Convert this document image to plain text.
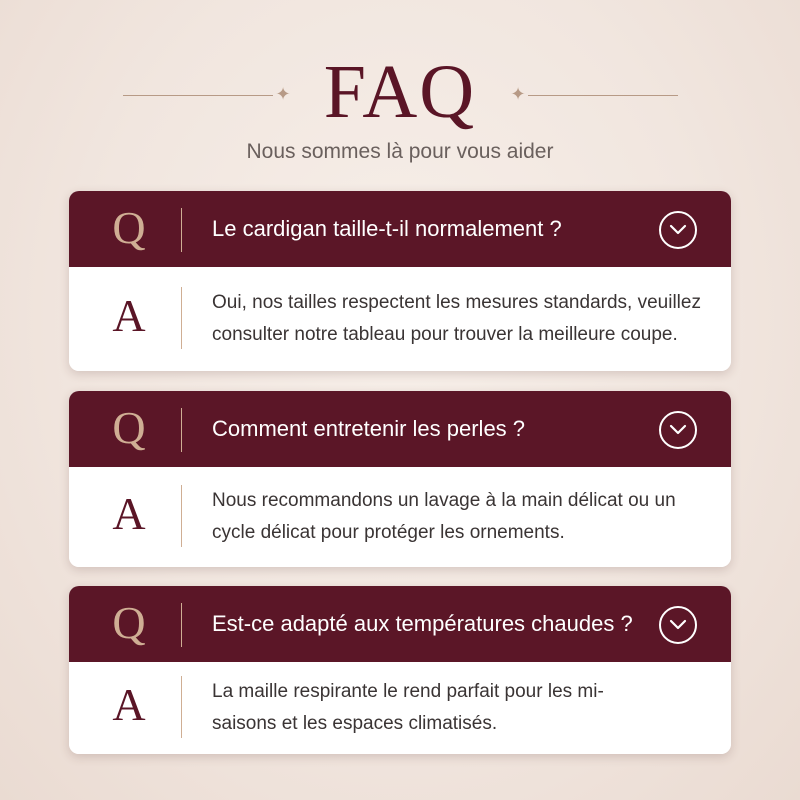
✦ FAQ	✦
Nous sommes là pour vous aider
Q	Le cardigan taille-t-il normalement ?
A	Oui, nos tailles respectent les mesures standards, veuillez consulter notre tableau pour trouver la meilleure coupe.
Q	Comment entretenir les perles ?
A	Nous recommandons un lavage à la main délicat ou un cycle délicat pour protéger les ornements.
Q	Est-ce adapté aux températures chaudes ?
A	La maille respirante le rend parfait pour les mi-saisons et les espaces climatisés.
